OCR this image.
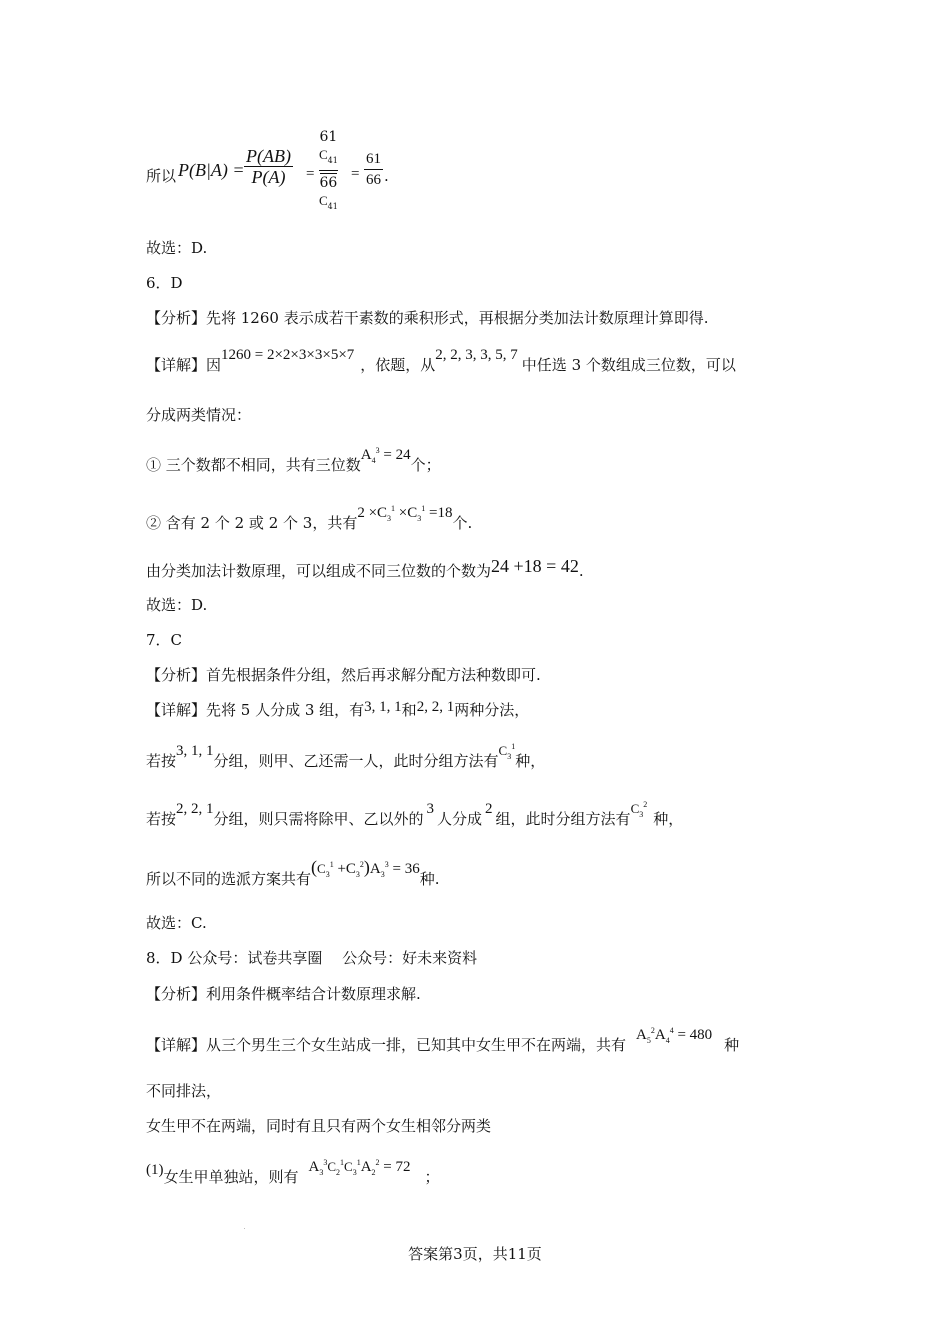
所以 $P(B|A) = \frac{P(AB)}{P(A)}$ =
61
$C_{41}$
66
$C_{41}$
= $\frac{61}{66}$ .
故选：D.
6．D
【分析】先将 1260 表示成若干素数的乘积形式，再根据分类加法计数原理计算即得.
【详解】因1260 = 2×2×3×3×5×7，依题，从2, 2, 3, 3, 5, 7中任选 3 个数组成三位数，可以
分成两类情况：
① 三个数都不相同，共有三位数$A_4^3 = 24$个；
② 含有 2 个 2 或 2 个 3，共有$2 \times C_3^1 \times C_3^1 =18$个.
由分类加法计数原理，可以组成不同三位数的个数为24 +18 = 42.
故选：D.
7．C
【分析】首先根据条件分组，然后再求解分配方法种数即可.
【详解】先将 5 人分成 3 组，有3, 1, 1和2, 2, 1两种分法，
若按3, 1, 1分组，则甲、乙还需一人，此时分组方法有$C_3^1$种，
若按2, 2, 1分组，则只需将除甲、乙以外的3人分成2组，此时分组方法有$C_3^2$种，
所以不同的选派方案共有$(C_3^1 +C_3^2)A_3^3 = 36$种.
故选：C.
8．D 公众号：试卷共享圈　 公众号：好未来资料
【分析】利用条件概率结合计数原理求解.
【详解】从三个男生三个女生站成一排，已知其中女生甲不在两端，共有$A_5^2A_4^4 = 480$种
不同排法，
女生甲不在两端，同时有且只有两个女生相邻分两类
(1)女生甲单独站，则有$A_3^3C_2^1C_3^1A_2^2 = 72$；
答案第3页，共11页
